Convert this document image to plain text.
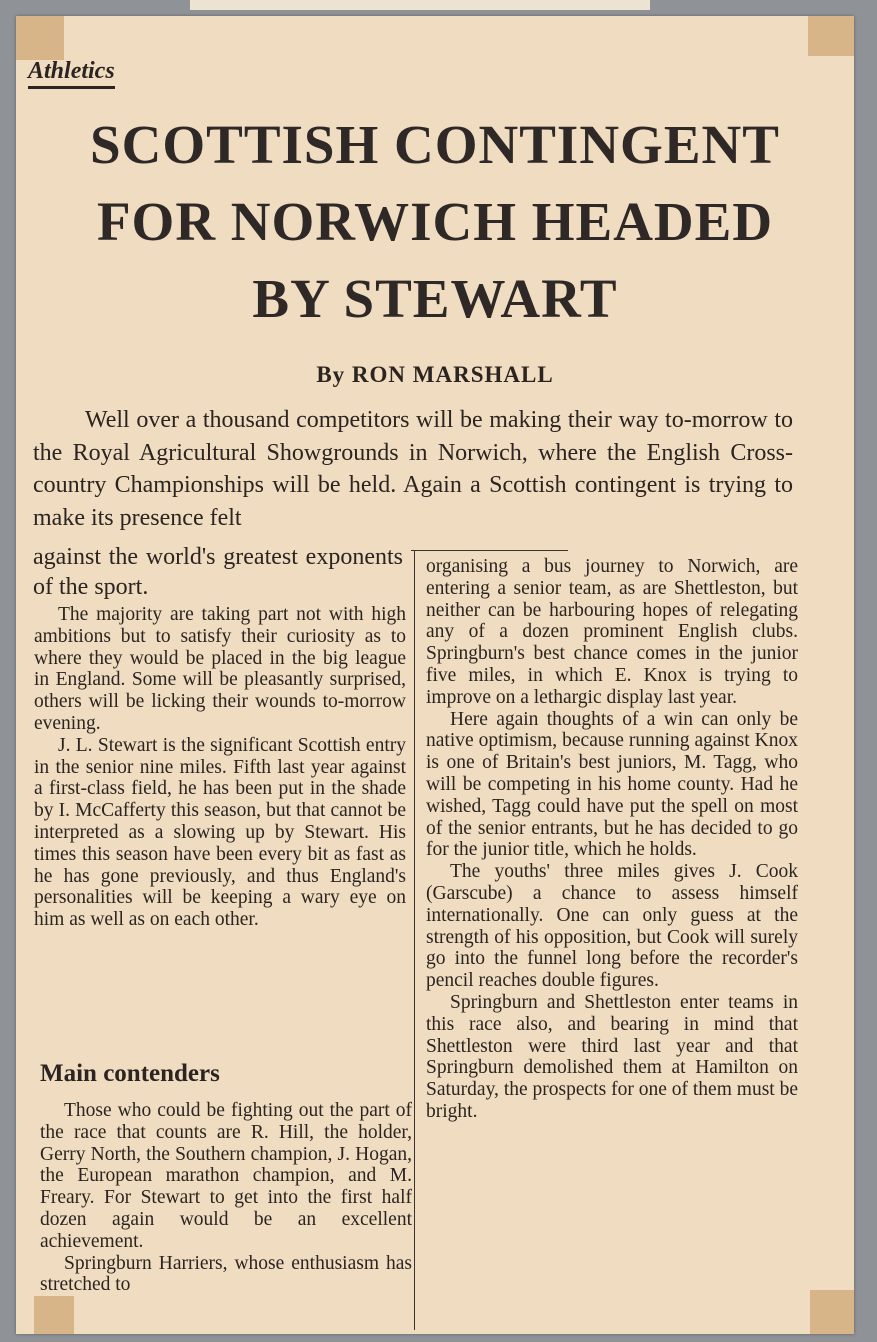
Athletics
SCOTTISH CONTINGENT
FOR NORWICH HEADED
BY STEWART
By RON MARSHALL

Well over a thousand competitors will be making their way to-morrow to the Royal Agricultural Showgrounds in Norwich, where the English Cross-country Championships will be held. Again a Scottish contingent is trying to make its presence felt

against the world's greatest exponents of the sport.

The majority are taking part not with high ambitions but to satisfy their curiosity as to where they would be placed in the big league in England. Some will be pleasantly surprised, others will be licking their wounds to-morrow evening.

J. L. Stewart is the significant Scottish entry in the senior nine miles. Fifth last year against a first-class field, he has been put in the shade by I. McCafferty this season, but that cannot be interpreted as a slowing up by Stewart. His times this season have been every bit as fast as he has gone previously, and thus England's personalities will be keeping a wary eye on him as well as on each other.

Main contenders

Those who could be fighting out the part of the race that counts are R. Hill, the holder, Gerry North, the Southern champion, J. Hogan, the European marathon champion, and M. Freary. For Stewart to get into the first half dozen again would be an excellent achievement.

Springburn Harriers, whose enthusiasm has stretched to

organising a bus journey to Norwich, are entering a senior team, as are Shettleston, but neither can be harbouring hopes of relegating any of a dozen prominent English clubs. Springburn's best chance comes in the junior five miles, in which E. Knox is trying to improve on a lethargic display last year.

Here again thoughts of a win can only be native optimism, because running against Knox is one of Britain's best juniors, M. Tagg, who will be competing in his home county. Had he wished, Tagg could have put the spell on most of the senior entrants, but he has decided to go for the junior title, which he holds.

The youths' three miles gives J. Cook (Garscube) a chance to assess himself internationally. One can only guess at the strength of his opposition, but Cook will surely go into the funnel long before the recorder's pencil reaches double figures.

Springburn and Shettleston enter teams in this race also, and bearing in mind that Shettleston were third last year and that Springburn demolished them at Hamilton on Saturday, the prospects for one of them must be bright.
